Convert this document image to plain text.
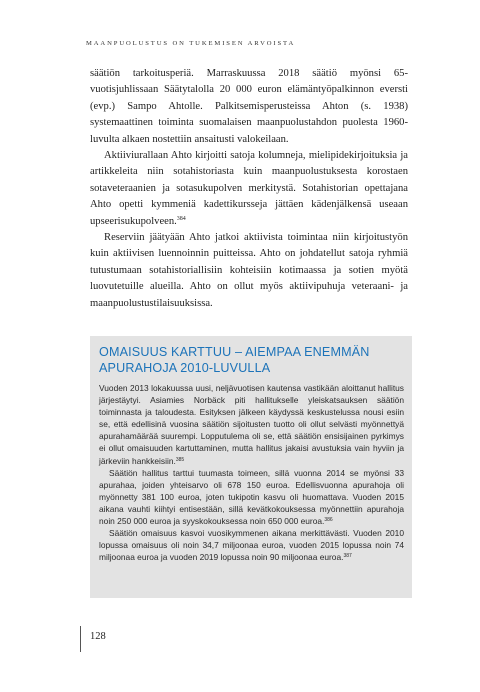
MAANPUOLUSTUS ON TUKEMISEN ARVOISTA

säätiön tarkoitusperiä. Marraskuussa 2018 säätiö myönsi 65-vuotisjuhlissaan Säätytalolla 20 000 euron elämäntyöpalkinnon eversti (evp.) Sampo Ahtolle. Palkitsemisperusteissa Ahton (s. 1938) systemaattinen toiminta suomalaisen maanpuolustahdon puolesta 1960-luvulta alkaen nostettiin ansaitusti valokeilaan.

Aktiiviurallaan Ahto kirjoitti satoja kolumneja, mielipidekirjoituksia ja artikkeleita niin sotahistoriasta kuin maanpuolustuksesta korostaen sotaveteraanien ja sotasukupolven merkitystä. Sotahistorian opettajana Ahto opetti kymmeniä kadettikursseja jättäen kädenjälkensä useaan upseerisukupolveen.$^{384}$

Reserviin jäätyään Ahto jatkoi aktiivista toimintaa niin kirjoitustyön kuin aktiivisen luennoinnin puitteissa. Ahto on johdatellut satoja ryhmiä tutustumaan sotahistoriallisiin kohteisiin kotimaassa ja sotien myötä luovutetuille alueilla. Ahto on ollut myös aktiivipuhuja veteraani- ja maanpuolustustilaisuuksissa.

OMAISUUS KARTTUU – AIEMPAA ENEMMÄN APURAHOJA 2010-LUVULLA

Vuoden 2013 lokakuussa uusi, neljävuotisen kautensa vastikään aloittanut hallitus järjestäytyi. Asiamies Norbäck piti hallitukselle yleiskatsauksen säätiön toiminnasta ja taloudesta. Esityksen jälkeen käydyssä keskustelussa nousi esiin se, että edellisinä vuosina säätiön sijoitusten tuotto oli ollut selvästi myönnettyä apurahamäärää suurempi. Lopputulema oli se, että säätiön ensisijainen pyrkimys ei ollut omaisuuden kartuttaminen, mutta hallitus jakaisi avustuksia vain hyviin ja järkeviin hankkeisiin.$^{385}$

Säätiön hallitus tarttui tuumasta toimeen, sillä vuonna 2014 se myönsi 33 apurahaa, joiden yhteisarvo oli 678 150 euroa. Edellisvuonna apurahoja oli myönnetty 381 100 euroa, joten tukipotin kasvu oli huomattava. Vuoden 2015 aikana vauhti kiihtyi entisestään, sillä kevätkokouksessa myönnettiin apurahoja noin 250 000 euroa ja syyskokouksessa noin 650 000 euroa.$^{386}$

Säätiön omaisuus kasvoi vuosikymmenen aikana merkittävästi. Vuoden 2010 lopussa omaisuus oli noin 34,7 miljoonaa euroa, vuoden 2015 lopussa noin 74 miljoonaa euroa ja vuoden 2019 lopussa noin 90 miljoonaa euroa.$^{387}$

128
